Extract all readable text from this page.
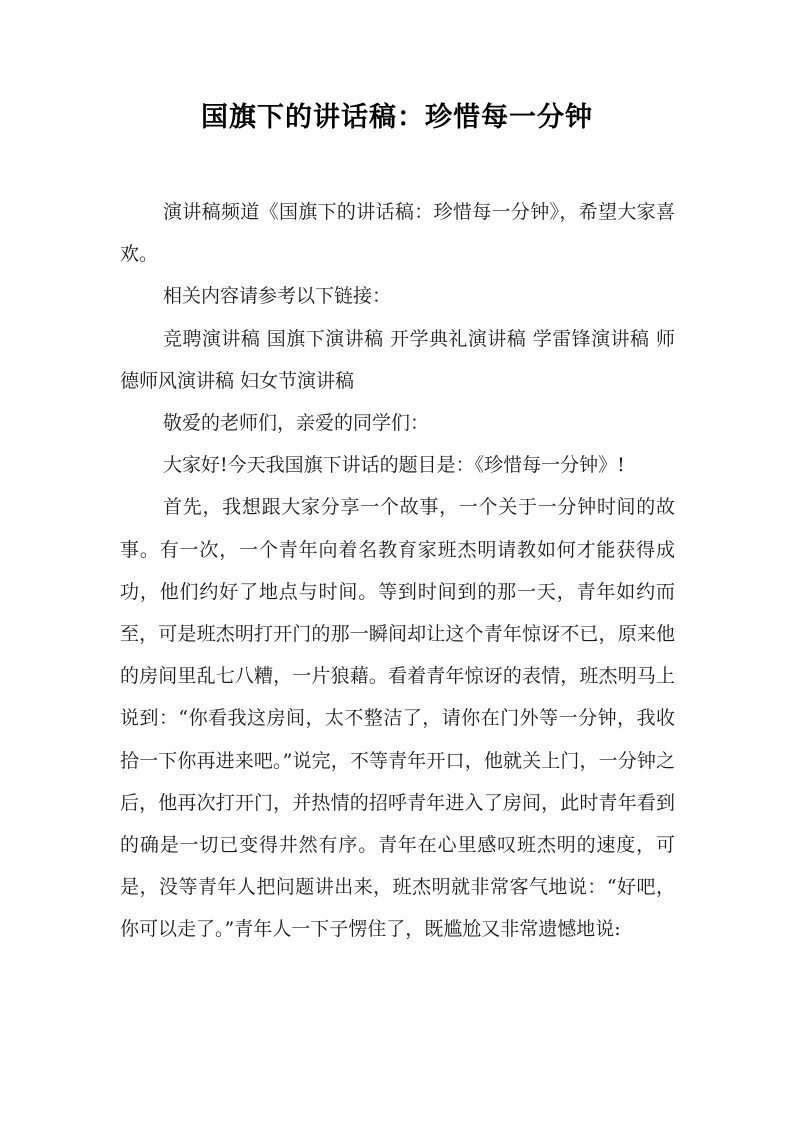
国旗下的讲话稿：珍惜每一分钟

演讲稿频道《国旗下的讲话稿：珍惜每一分钟》，希望大家喜欢。

相关内容请参考以下链接：

竞聘演讲稿 国旗下演讲稿 开学典礼演讲稿 学雷锋演讲稿 师德师风演讲稿 妇女节演讲稿

敬爱的老师们，亲爱的同学们：

大家好!今天我国旗下讲话的题目是：《珍惜每一分钟》!

首先，我想跟大家分享一个故事，一个关于一分钟时间的故事。有一次，一个青年向着名教育家班杰明请教如何才能获得成功，他们约好了地点与时间。等到时间到的那一天，青年如约而至，可是班杰明打开门的那一瞬间却让这个青年惊讶不已，原来他的房间里乱七八糟，一片狼藉。看着青年惊讶的表情，班杰明马上说到：“你看我这房间，太不整洁了，请你在门外等一分钟，我收拾一下你再进来吧。”说完，不等青年开口，他就关上门，一分钟之后，他再次打开门，并热情的招呼青年进入了房间，此时青年看到的确是一切已变得井然有序。青年在心里感叹班杰明的速度，可是，没等青年人把问题讲出来，班杰明就非常客气地说：“好吧，你可以走了。”青年人一下子愣住了，既尴尬又非常遗憾地说:
